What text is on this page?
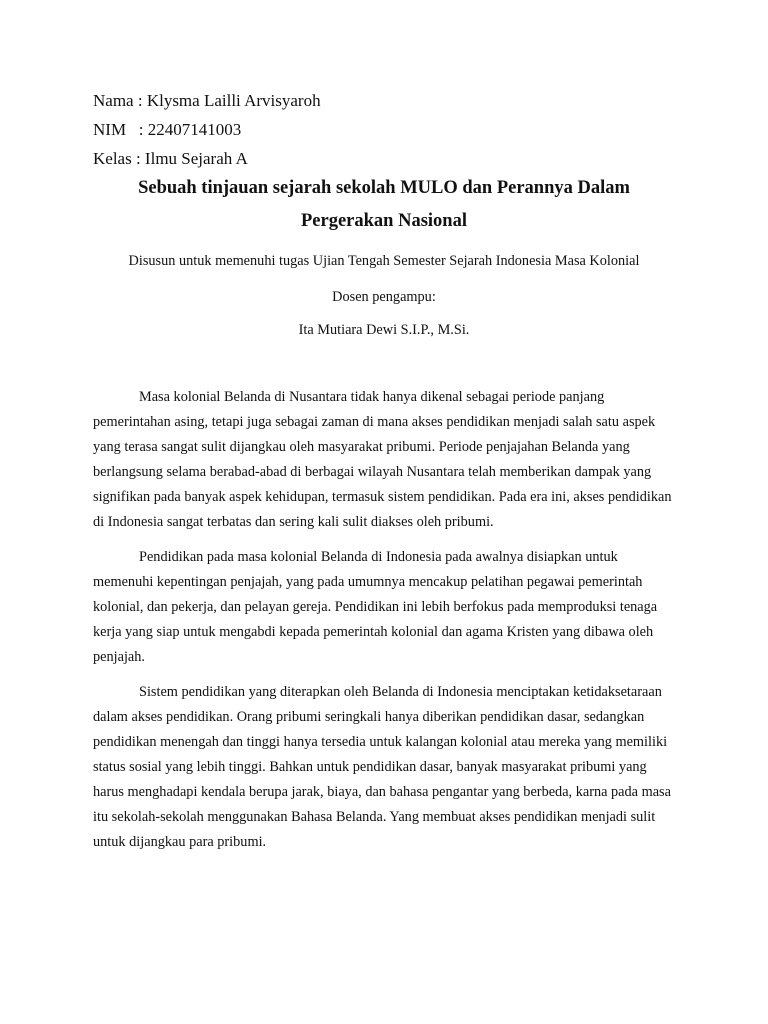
Nama : Klysma Lailli Arvisyaroh
NIM   : 22407141003
Kelas : Ilmu Sejarah A
Sebuah tinjauan sejarah sekolah MULO dan Perannya Dalam
Pergerakan Nasional
Disusun untuk memenuhi tugas Ujian Tengah Semester Sejarah Indonesia Masa Kolonial
Dosen pengampu:
Ita Mutiara Dewi S.I.P., M.Si.

Masa kolonial Belanda di Nusantara tidak hanya dikenal sebagai periode panjang pemerintahan asing, tetapi juga sebagai zaman di mana akses pendidikan menjadi salah satu aspek yang terasa sangat sulit dijangkau oleh masyarakat pribumi. Periode penjajahan Belanda yang berlangsung selama berabad-abad di berbagai wilayah Nusantara telah memberikan dampak yang signifikan pada banyak aspek kehidupan, termasuk sistem pendidikan. Pada era ini, akses pendidikan di Indonesia sangat terbatas dan sering kali sulit diakses oleh pribumi.

Pendidikan pada masa kolonial Belanda di Indonesia pada awalnya disiapkan untuk memenuhi kepentingan penjajah, yang pada umumnya mencakup pelatihan pegawai pemerintah kolonial, dan pekerja, dan pelayan gereja. Pendidikan ini lebih berfokus pada memproduksi tenaga kerja yang siap untuk mengabdi kepada pemerintah kolonial dan agama Kristen yang dibawa oleh penjajah.

Sistem pendidikan yang diterapkan oleh Belanda di Indonesia menciptakan ketidaksetaraan dalam akses pendidikan. Orang pribumi seringkali hanya diberikan pendidikan dasar, sedangkan pendidikan menengah dan tinggi hanya tersedia untuk kalangan kolonial atau mereka yang memiliki status sosial yang lebih tinggi. Bahkan untuk pendidikan dasar, banyak masyarakat pribumi yang harus menghadapi kendala berupa jarak, biaya, dan bahasa pengantar yang berbeda, karna pada masa itu sekolah-sekolah menggunakan Bahasa Belanda. Yang membuat akses pendidikan menjadi sulit untuk dijangkau para pribumi.
